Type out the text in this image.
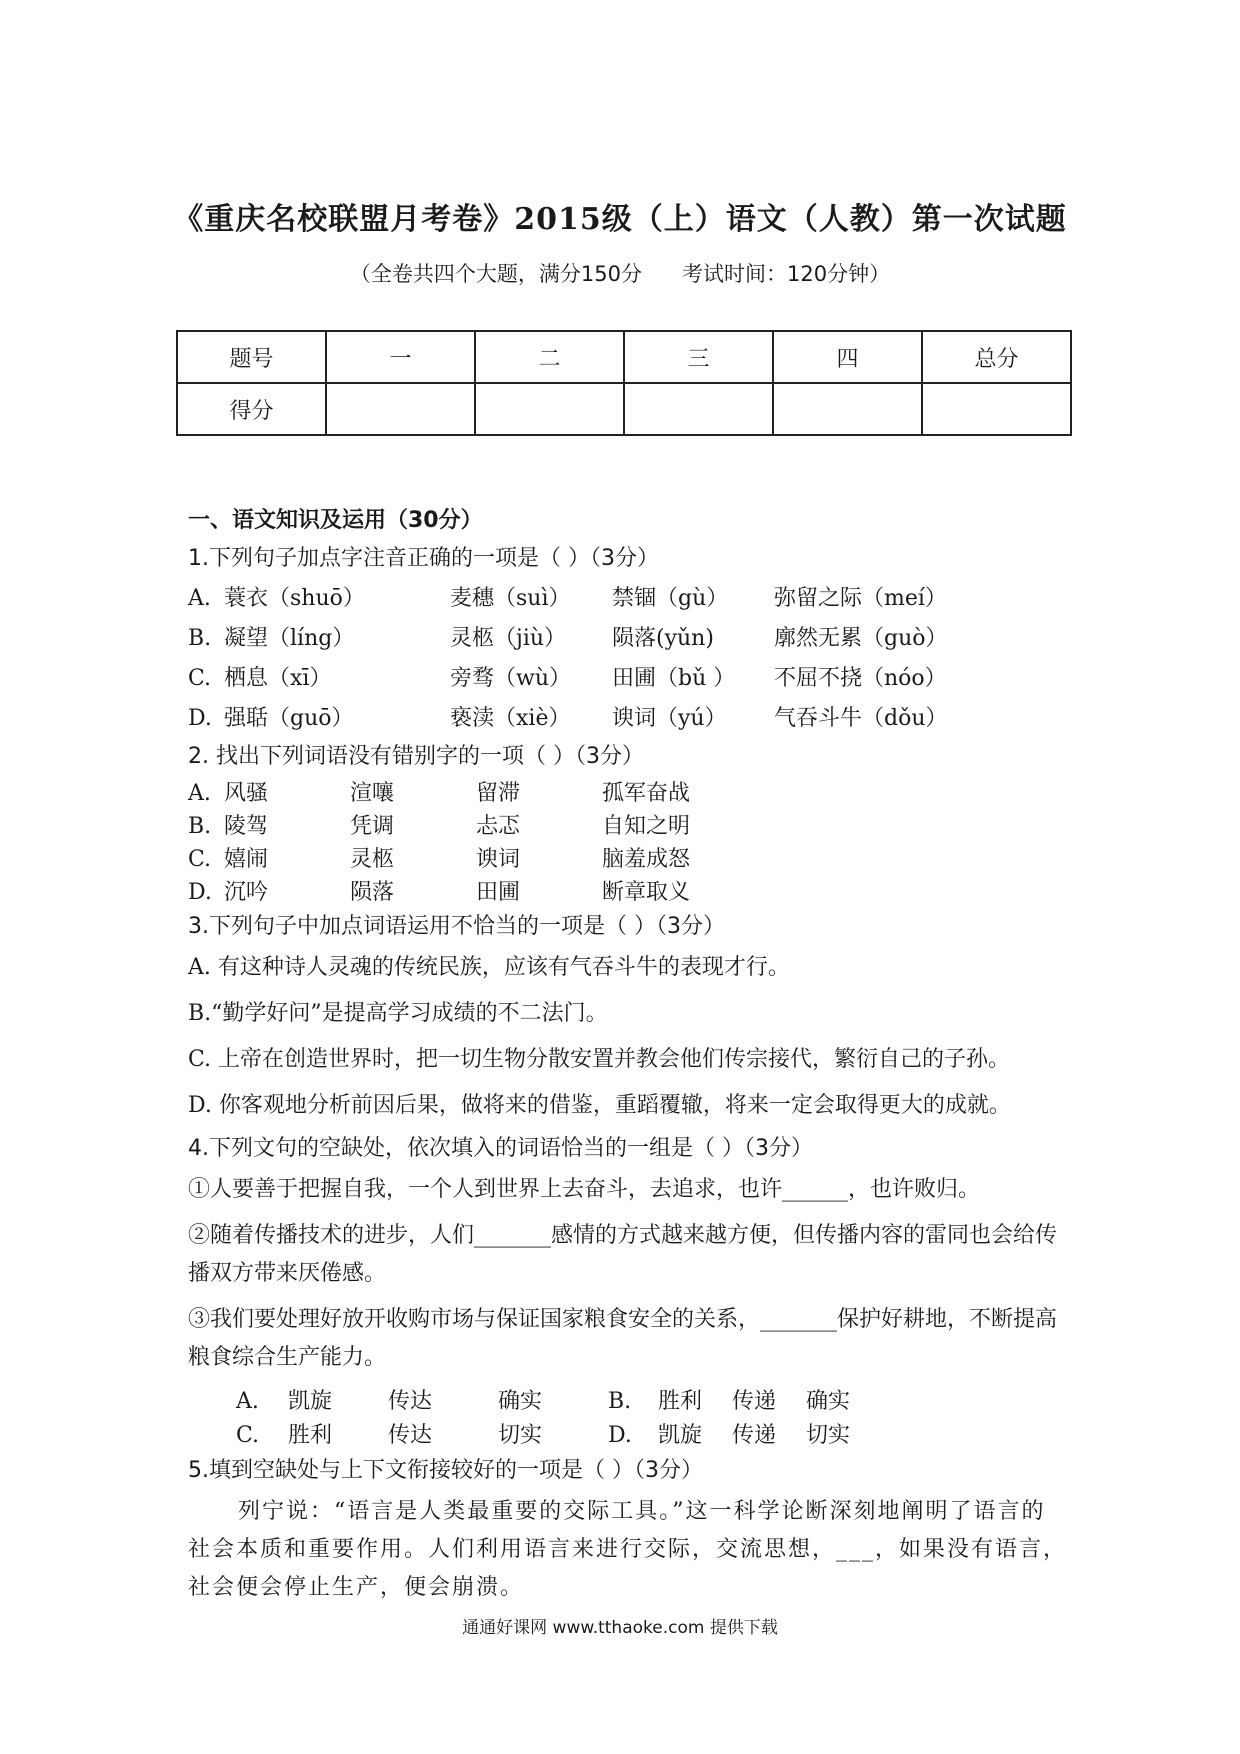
《重庆名校联盟月考卷》2015级（上）语文（人教）第一次试题
（全卷共四个大题，满分150分      考试时间：120分钟）
题号	一	二	三	四	总分
得分					

一、语文知识及运用（30分）

1.下列句子加点字注音正确的一项是（ ）（3分）

A. 蓑衣（shuō）	麦穗（suì）	禁锢（gù）	弥留之际（meí）
B. 凝望（líng）	灵柩（jiù）	陨落(yǔn)	廓然无累（guò）
C. 栖息（xī）	旁骛（wù）	田圃（bǔ ）	不屈不挠（nóo）
D. 强聒（guō）	亵渎（xiè）	谀词（yú）	气吞斗牛（dǒu）

2. 找出下列词语没有错别字的一项（ ）（3分）

A. 风骚	渲嚷	留滞	孤军奋战
B. 陵驾	凭调	忐忑	自知之明
C. 嬉闹	灵柩	谀词	脑羞成怒
D. 沉吟	陨落	田圃	断章取义

3.下列句子中加点词语运用不恰当的一项是（ ）（3分）

A. 有这种诗人灵魂的传统民族，应该有气吞斗牛的表现才行。

B.“勤学好问”是提高学习成绩的不二法门。

C. 上帝在创造世界时，把一切生物分散安置并教会他们传宗接代，繁衍自己的子孙。

D. 你客观地分析前因后果，做将来的借鉴，重蹈覆辙，将来一定会取得更大的成就。

4.下列文句的空缺处，依次填入的词语恰当的一组是（ ）（3分）

①人要善于把握自我，一个人到世界上去奋斗，去追求，也许______，也许败归。

②随着传播技术的进步，人们_______感情的方式越来越方便，但传播内容的雷同也会给传播双方带来厌倦感。

③我们要处理好放开收购市场与保证国家粮食安全的关系，_______保护好耕地，不断提高粮食综合生产能力。

A.	凯旋	传达	确实	B.	胜利	传递	确实
C.	胜利	传达	切实	D.	凯旋	传递	切实

5.填到空缺处与上下文衔接较好的一项是（ ）（3分）

列宁说：“语言是人类最重要的交际工具。”这一科学论断深刻地阐明了语言的社会本质和重要作用。人们利用语言来进行交际，交流思想，___，如果没有语言，社会便会停止生产，便会崩溃。

通通好课网 www.tthaoke.com 提供下载
